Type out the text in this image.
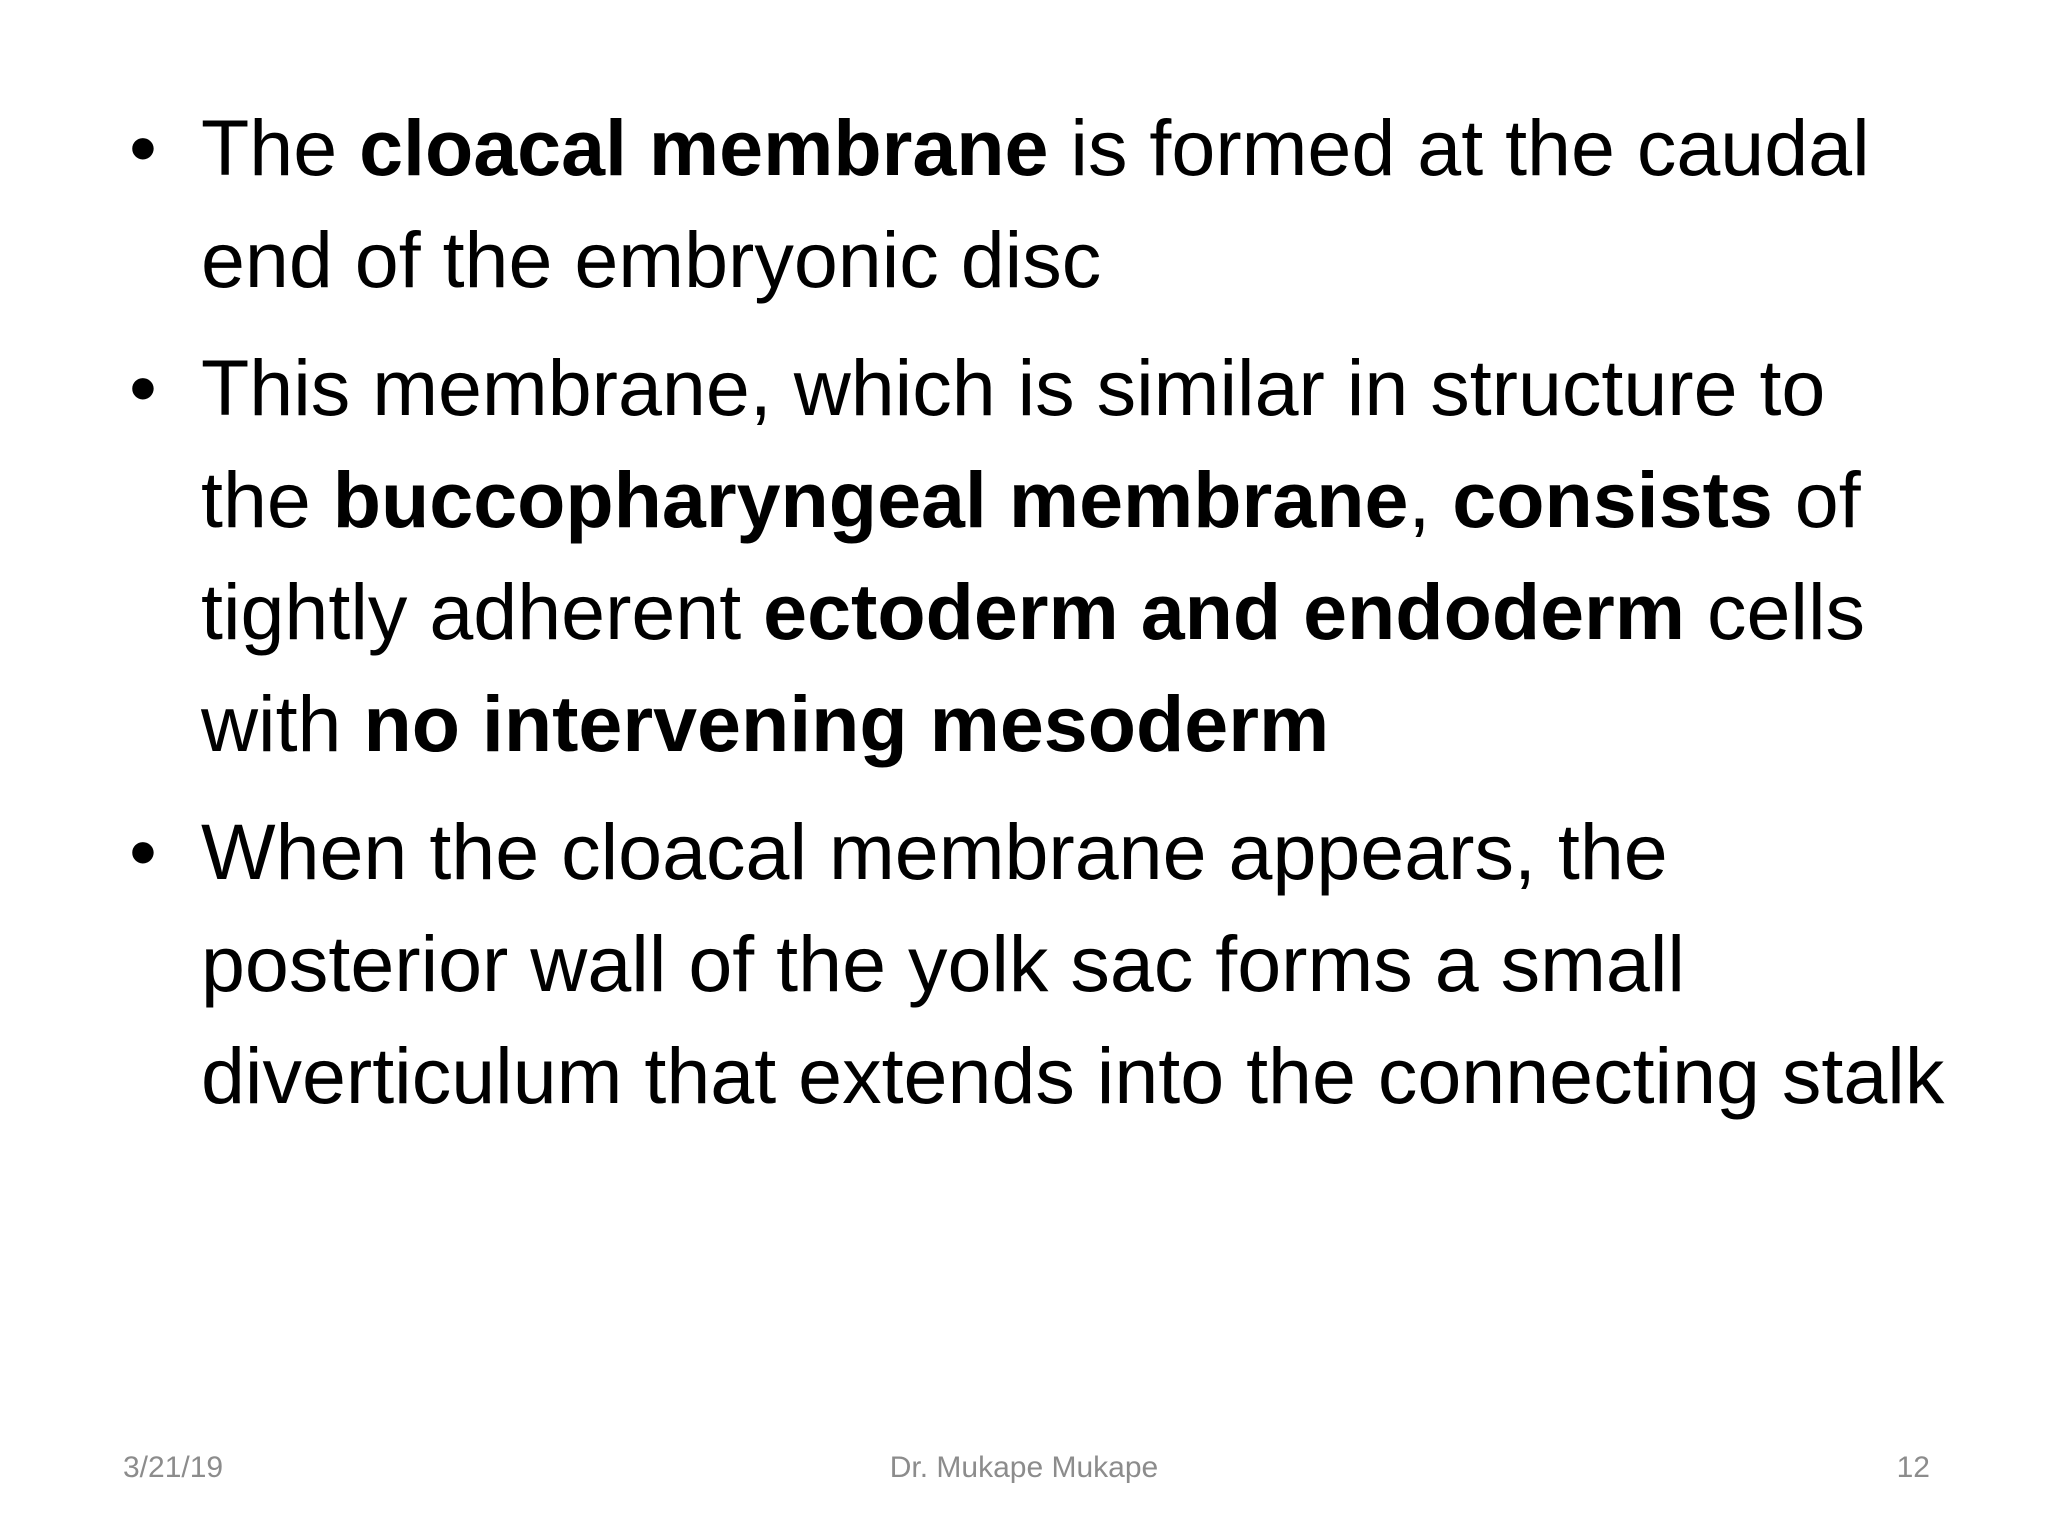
• The cloacal membrane is formed at the caudal end of the embryonic disc
• This membrane, which is similar in structure to the buccopharyngeal membrane, consists of tightly adherent ectoderm and endoderm cells with no intervening mesoderm
• When the cloacal membrane appears, the posterior wall of the yolk sac forms a small diverticulum that extends into the connecting stalk
3/21/19	Dr. Mukape Mukape	12
